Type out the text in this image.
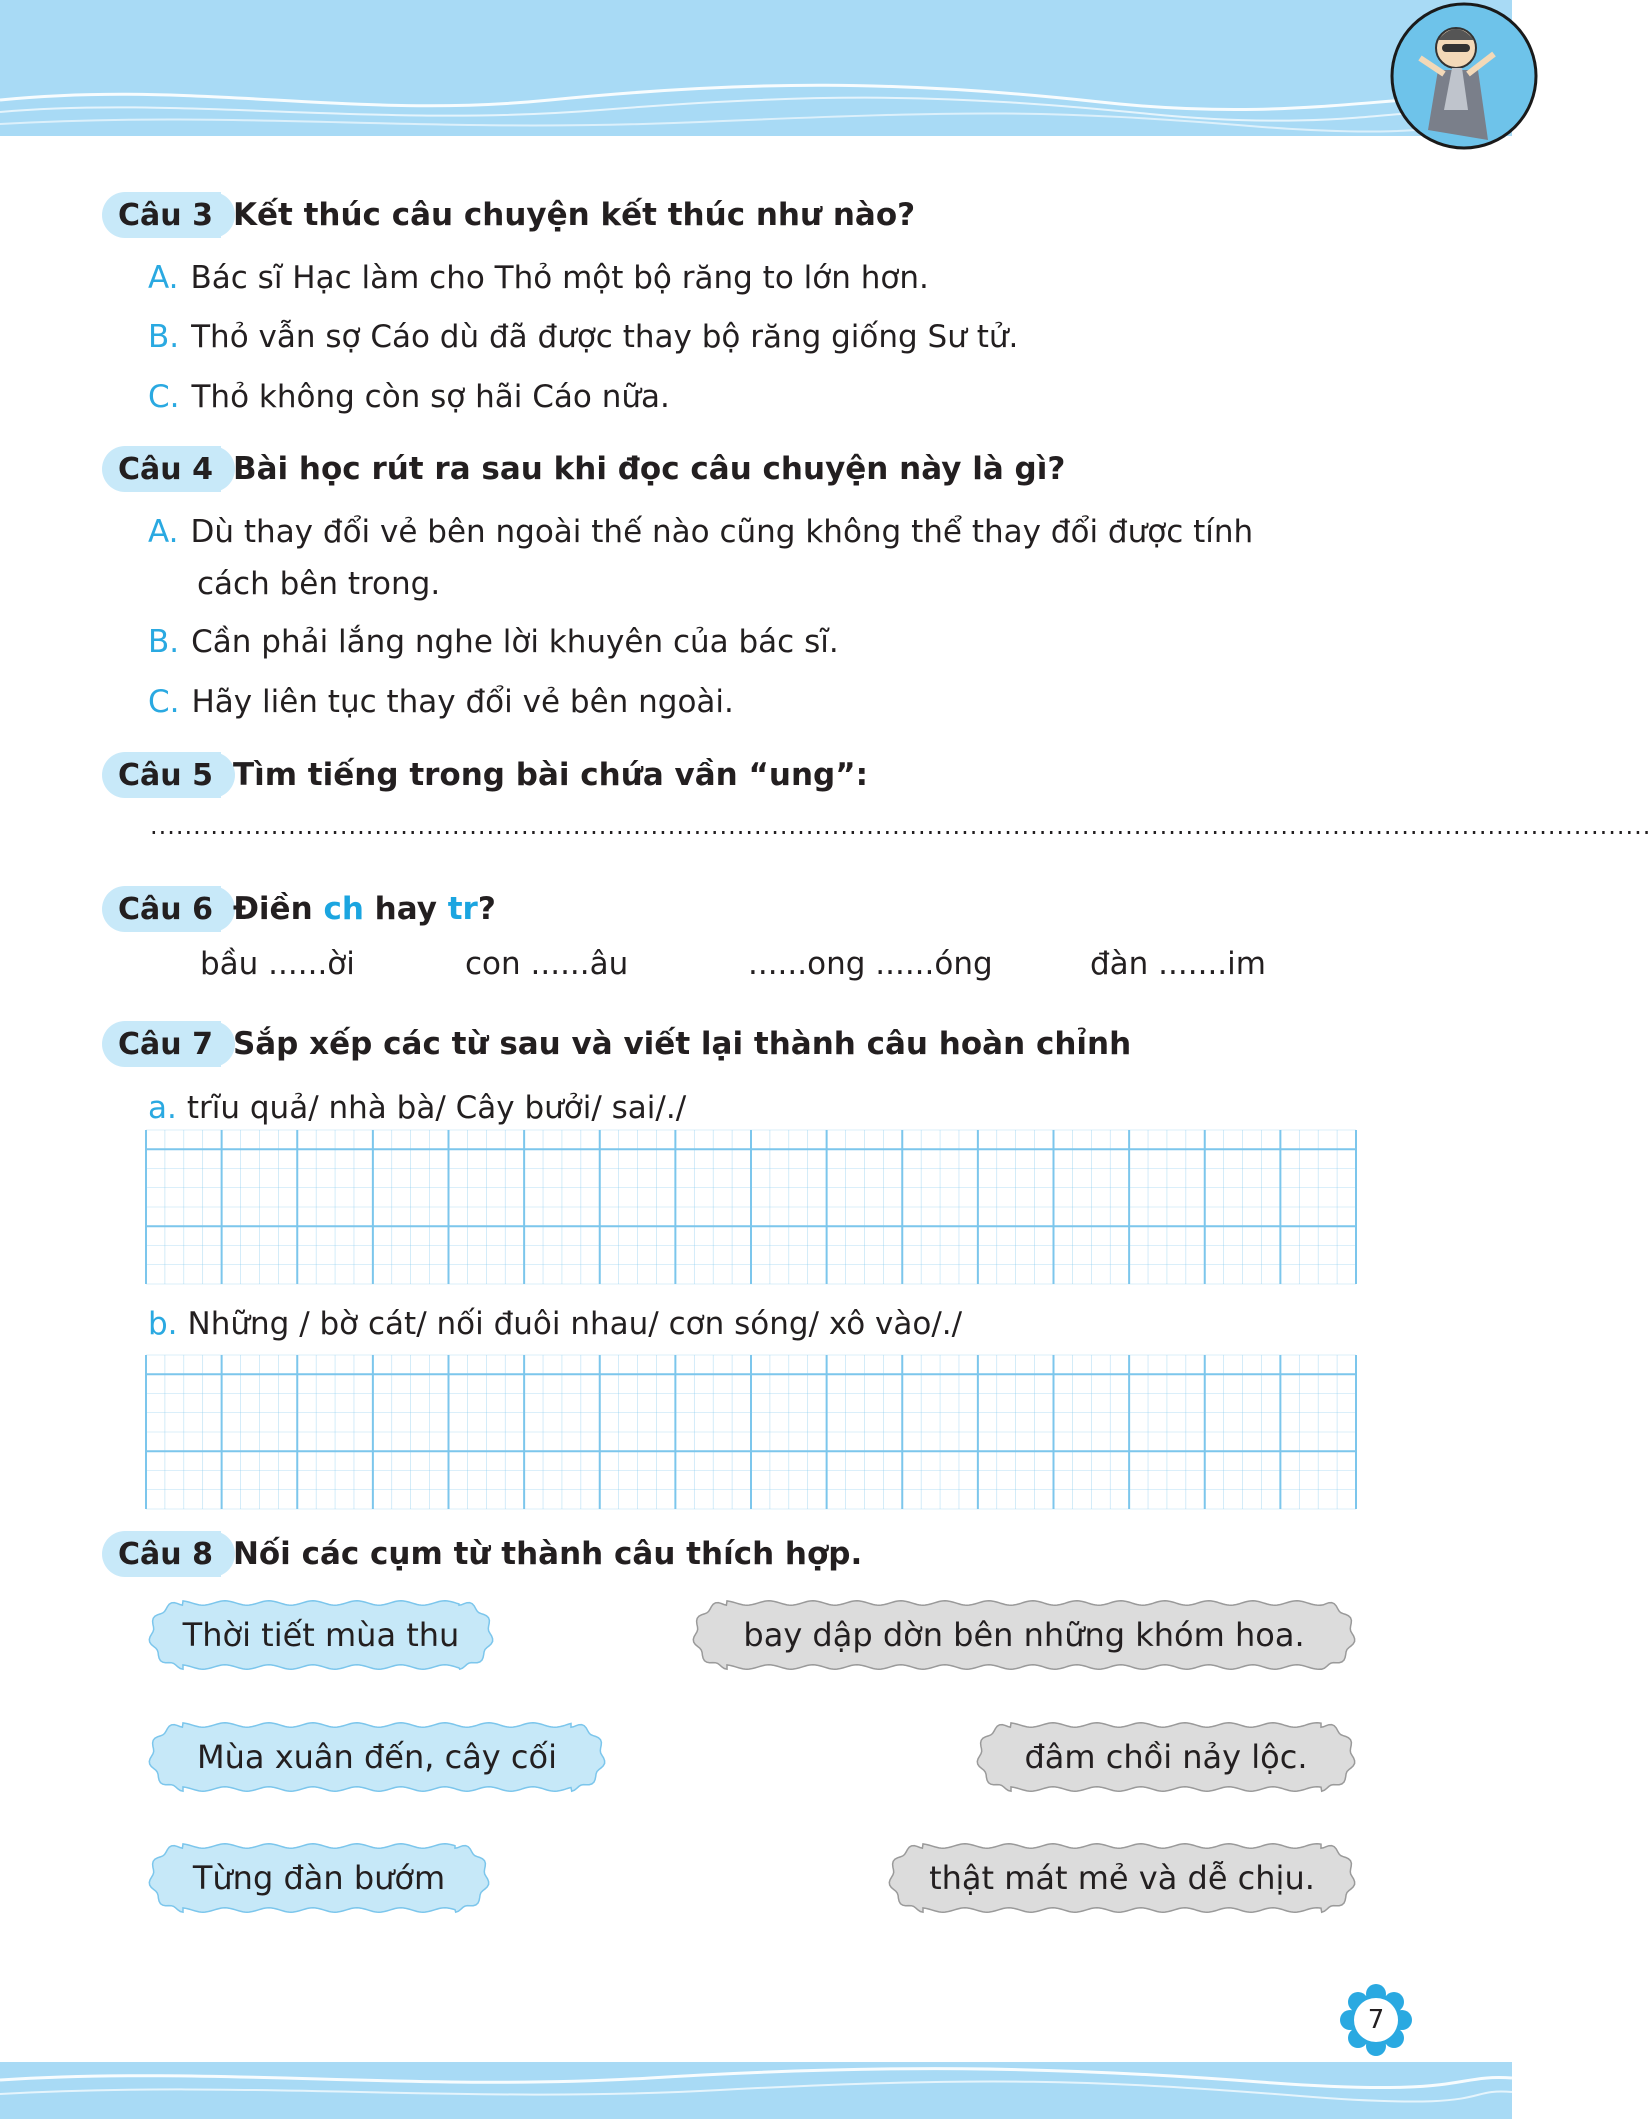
Câu 3 Kết thúc câu chuyện kết thúc như nào?
A. Bác sĩ Hạc làm cho Thỏ một bộ răng to lớn hơn.
B. Thỏ vẫn sợ Cáo dù đã được thay bộ răng giống Sư tử.
C. Thỏ không còn sợ hãi Cáo nữa.
Câu 4 Bài học rút ra sau khi đọc câu chuyện này là gì?
A. Dù thay đổi vẻ bên ngoài thế nào cũng không thể thay đổi được tính
cách bên trong.
B. Cần phải lắng nghe lời khuyên của bác sĩ.
C. Hãy liên tục thay đổi vẻ bên ngoài.
Câu 5 Tìm tiếng trong bài chứa vần “ung”:
..............................................................................................................................................................................
Câu 6 Điền ch hay tr?
bầu ......ời	con ......âu	......ong ......óng	đàn .......im
Câu 7 Sắp xếp các từ sau và viết lại thành câu hoàn chỉnh
a. trĩu quả/ nhà bà/ Cây bưởi/ sai/./
b. Những / bờ cát/ nối đuôi nhau/ cơn sóng/ xô vào/./
Câu 8 Nối các cụm từ thành câu thích hợp.
Thời tiết mùa thu
Mùa xuân đến, cây cối
Từng đàn bướm
bay dập dờn bên những khóm hoa.
đâm chồi nảy lộc.
thật mát mẻ và dễ chịu.
7
